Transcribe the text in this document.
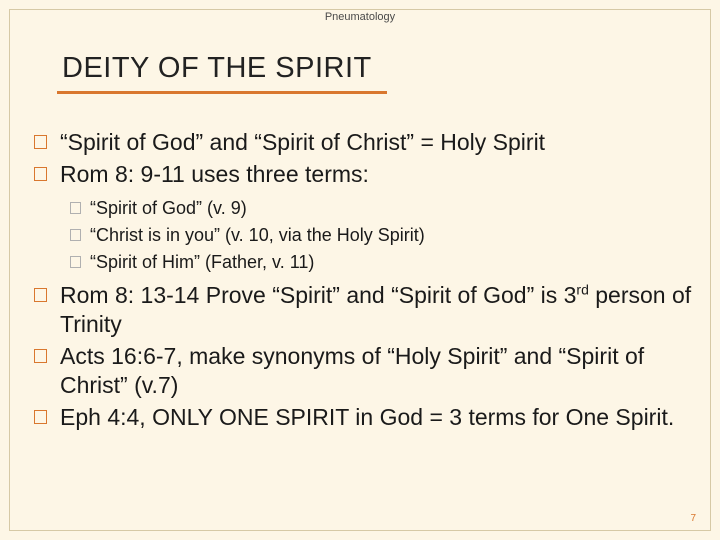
Pneumatology
DEITY OF THE SPIRIT
“Spirit of God” and “Spirit of Christ” = Holy Spirit
Rom 8: 9-11 uses three terms:
“Spirit of God” (v. 9)
“Christ is in you” (v. 10, via the Holy Spirit)
“Spirit of Him” (Father, v. 11)
Rom 8: 13-14 Prove “Spirit” and “Spirit of God” is 3rd person of Trinity
Acts 16:6-7, make synonyms of “Holy Spirit” and “Spirit of Christ” (v.7)
Eph 4:4, ONLY ONE SPIRIT in God = 3 terms for One Spirit.
7
